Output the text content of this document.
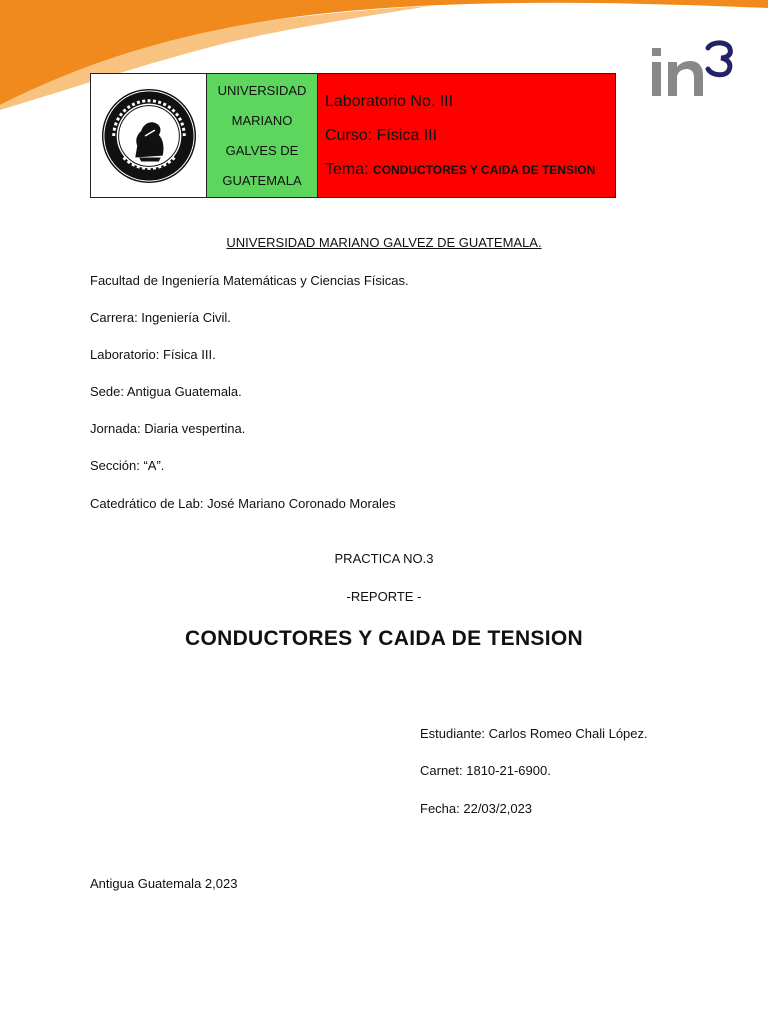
UNIVERSIDAD
MARIANO
GALVES DE
GUATEMALA
Laboratorio No. III
Curso: Física III
Tema: CONDUCTORES Y CAIDA DE TENSION
UNIVERSIDAD MARIANO GALVEZ DE GUATEMALA.
Facultad de Ingeniería Matemáticas y Ciencias Físicas.
Carrera: Ingeniería Civil.
Laboratorio: Física III.
Sede: Antigua Guatemala.
Jornada: Diaria vespertina.
Sección: “A”.
Catedrático de Lab: José Mariano Coronado Morales
PRACTICA NO.3
-REPORTE -
CONDUCTORES Y CAIDA DE TENSION
Estudiante: Carlos Romeo Chali López.
Carnet: 1810-21-6900.
Fecha: 22/03/2,023
Antigua Guatemala 2,023
